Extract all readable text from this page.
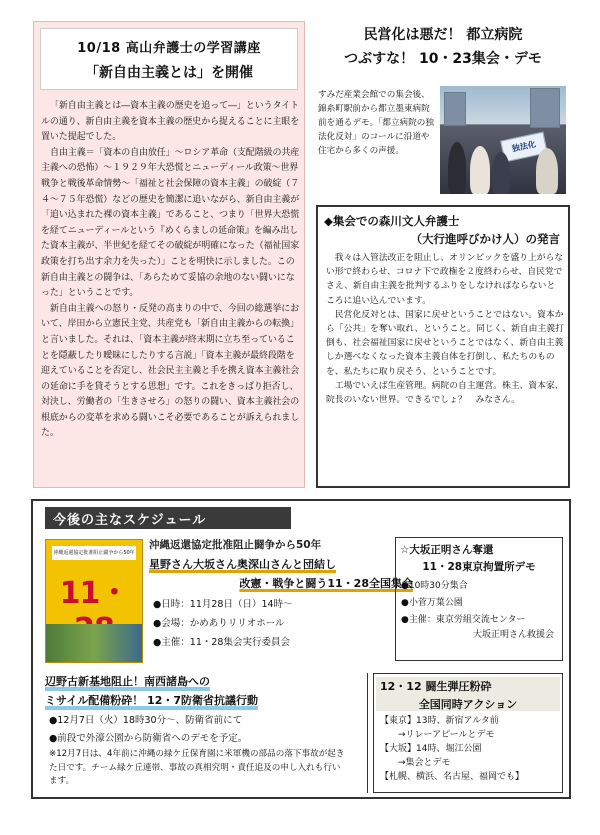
10/18 高山弁護士の学習講座
「新自由主義とは」を開催

「新自由主義とは―資本主義の歴史を追って―」というタイトルの通り、新自由主義を資本主義の歴史から捉えることに主眼を置いた提起でした。

自由主義＝「資本の自由放任」～ロシア革命（支配階級の共産主義への恐怖）～１９２９年大恐慌とニューディール政策～世界戦争と戦後革命情勢～「福祉と社会保障の資本主義」の破綻（７４～７５年恐慌）などの歴史を簡潔に追いながら、新自由主義が「追い込まれた裸の資本主義」であること、つまり「世界大恐慌を経てニューディールという『めくらましの延命策』を編み出した資本主義が、半世紀を経てその破綻が明確になった（福祉国家政策を打ち出す余力を失った）」ことを明快に示しました。この新自由主義との闘争は、「あらためて妥協の余地のない闘いになった」ということです。

新自由主義への怒り・反発の高まりの中で、今回の総選挙において、岸田から立憲民主党、共産党も「新自由主義からの転換」と言いました。それは、「資本主義が終末期に立ち至っていることを隠蔽したり曖昧にしたりする言説」「資本主義が最終段階を迎えていることを否定し、社会民主主義と手を携え資本主義社会の延命に手を貸そうとする思想」です。これをきっぱり拒否し、対決し、労働者の「生きさせろ」の怒りの闘い、資本主義社会の根底からの変革を求める闘いこそ必要であることが訴えられました。

民営化は悪だ！ 都立病院
つぶすな！ 10・23集会・デモ
すみだ産業会館での集会後、錦糸町駅前から都立墨東病院前を通るデモ。「都立病院の独法化反対」のコールに沿道や住宅から多くの声援。	独法化
◆集会での森川文人弁護士
（大行進呼びかけ人）の発言

我々は入管法改正を阻止し、オリンピックを盛り上がらない形で終わらせ、コロナ下で政権を２度終わらせ、自民党でさえ、新自由主義を批判するふりをしなければならないところに追い込んでいます。

民営化反対とは、国家に戻せということではない。資本から「公共」を奪い取れ、ということ。同じく、新自由主義打倒も、社会福祉国家に戻せということではなく、新自由主義しか選べなくなった資本主義自体を打倒し、私たちのものを、私たちに取り戻そう、ということです。

工場でいえば生産管理。病院の自主運営。株主、資本家、院長のいない世界。できるでしょ？　みなさん。

今後の主なスケジュール
沖縄返還協定批准阻止闘争から50年
11・
沖縄返還協定批准阻止闘争から50年
星野さん大坂さん奥深山さんと団結し
改憲・戦争と闘う11・28全国集会
● 日時：11月28日（日）14時～
● 会場：かめありリリオホール
● 主催：11・28集会実行委員会
☆大坂正明さん奪還
11・28東京拘置所デモ
● 10時30分集合
● 小菅万葉公園
● 主催：東京労組交流センター
大坂正明さん救援会
辺野古新基地阻止！南西諸島への
ミサイル配備粉砕！ 12・7防衛省抗議行動
● 12月7日（火）18時30分～、防衛省前にて
● 前段で外濠公園から防衛省へのデモを予定。
※12月7日は、4年前に沖縄の緑ケ丘保育園に米軍機の部品の落下事故が起きた日です。チーム緑ケ丘連帯、事故の真相究明・責任追及の申し入れも行います。
12・12 闘生弾圧粉砕
全国同時アクション
【東京】13時、新宿アルタ前
　　→リレーアピールとデモ
【大坂】14時、堀江公園
　　→集会とデモ
【札幌、横浜、名古屋、福岡でも】
